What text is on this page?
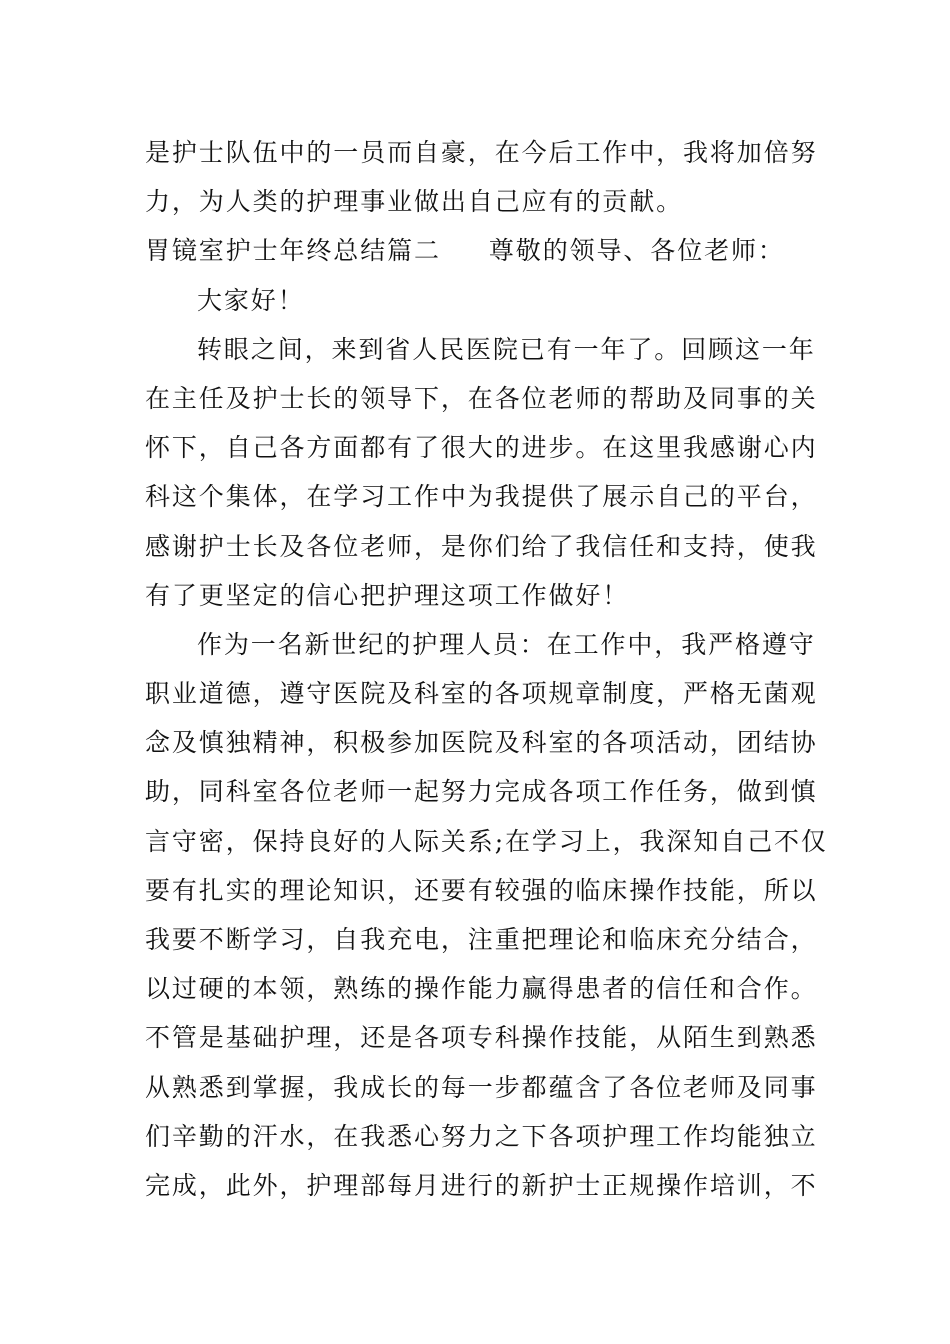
是护士队伍中的一员而自豪，在今后工作中，我将加倍努
力，为人类的护理事业做出自己应有的贡献。
胃镜室护士年终总结篇二 尊敬的领导、各位老师：
大家好！
转眼之间，来到省人民医院已有一年了。回顾这一年
在主任及护士长的领导下，在各位老师的帮助及同事的关
怀下，自己各方面都有了很大的进步。在这里我感谢心内
科这个集体，在学习工作中为我提供了展示自己的平台，
感谢护士长及各位老师，是你们给了我信任和支持，使我
有了更坚定的信心把护理这项工作做好！
作为一名新世纪的护理人员：在工作中，我严格遵守
职业道德，遵守医院及科室的各项规章制度，严格无菌观
念及慎独精神，积极参加医院及科室的各项活动，团结协
助，同科室各位老师一起努力完成各项工作任务，做到慎
言守密，保持良好的人际关系;在学习上，我深知自己不仅
要有扎实的理论知识，还要有较强的临床操作技能，所以
我要不断学习，自我充电，注重把理论和临床充分结合，
以过硬的本领，熟练的操作能力赢得患者的信任和合作。
不管是基础护理，还是各项专科操作技能，从陌生到熟悉
从熟悉到掌握，我成长的每一步都蕴含了各位老师及同事
们辛勤的汗水，在我悉心努力之下各项护理工作均能独立
完成，此外，护理部每月进行的新护士正规操作培训，不
